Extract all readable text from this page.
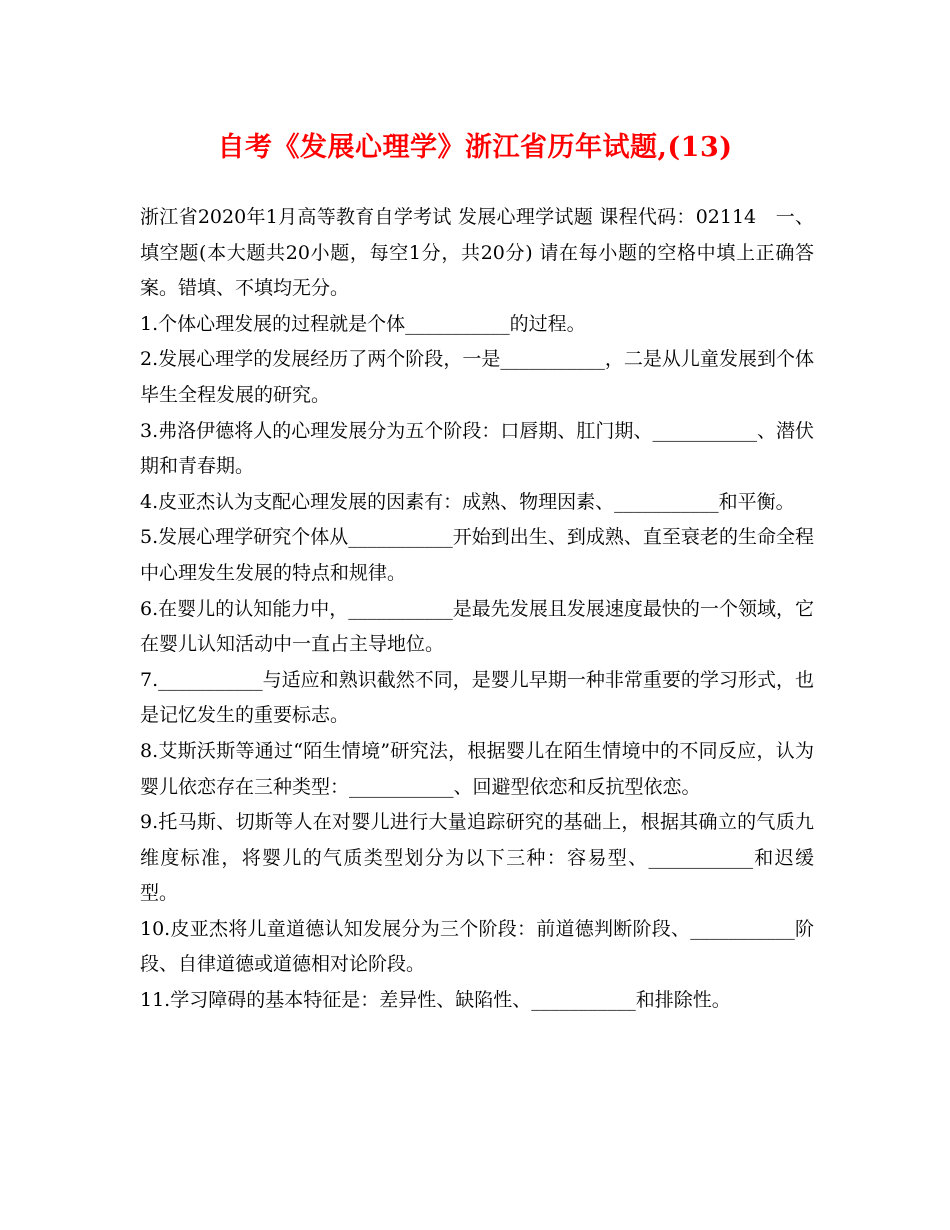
自考《发展心理学》浙江省历年试题,(13)

浙江省2020年1月高等教育自学考试 发展心理学试题 课程代码：02114　一、填空题(本大题共20小题，每空1分，共20分) 请在每小题的空格中填上正确答案。错填、不填均无分。

1.个体心理发展的过程就是个体___________的过程。

2.发展心理学的发展经历了两个阶段，一是___________，二是从儿童发展到个体毕生全程发展的研究。

3.弗洛伊德将人的心理发展分为五个阶段：口唇期、肛门期、___________、潜伏期和青春期。

4.皮亚杰认为支配心理发展的因素有：成熟、物理因素、___________和平衡。

5.发展心理学研究个体从___________开始到出生、到成熟、直至衰老的生命全程中心理发生发展的特点和规律。

6.在婴儿的认知能力中，___________是最先发展且发展速度最快的一个领域，它在婴儿认知活动中一直占主导地位。

7.___________与适应和熟识截然不同，是婴儿早期一种非常重要的学习形式，也是记忆发生的重要标志。

8.艾斯沃斯等通过“陌生情境”研究法，根据婴儿在陌生情境中的不同反应，认为婴儿依恋存在三种类型：___________、回避型依恋和反抗型依恋。

9.托马斯、切斯等人在对婴儿进行大量追踪研究的基础上，根据其确立的气质九维度标准，将婴儿的气质类型划分为以下三种：容易型、___________和迟缓型。

10.皮亚杰将儿童道德认知发展分为三个阶段：前道德判断阶段、___________阶段、自律道德或道德相对论阶段。

11.学习障碍的基本特征是：差异性、缺陷性、___________和排除性。
